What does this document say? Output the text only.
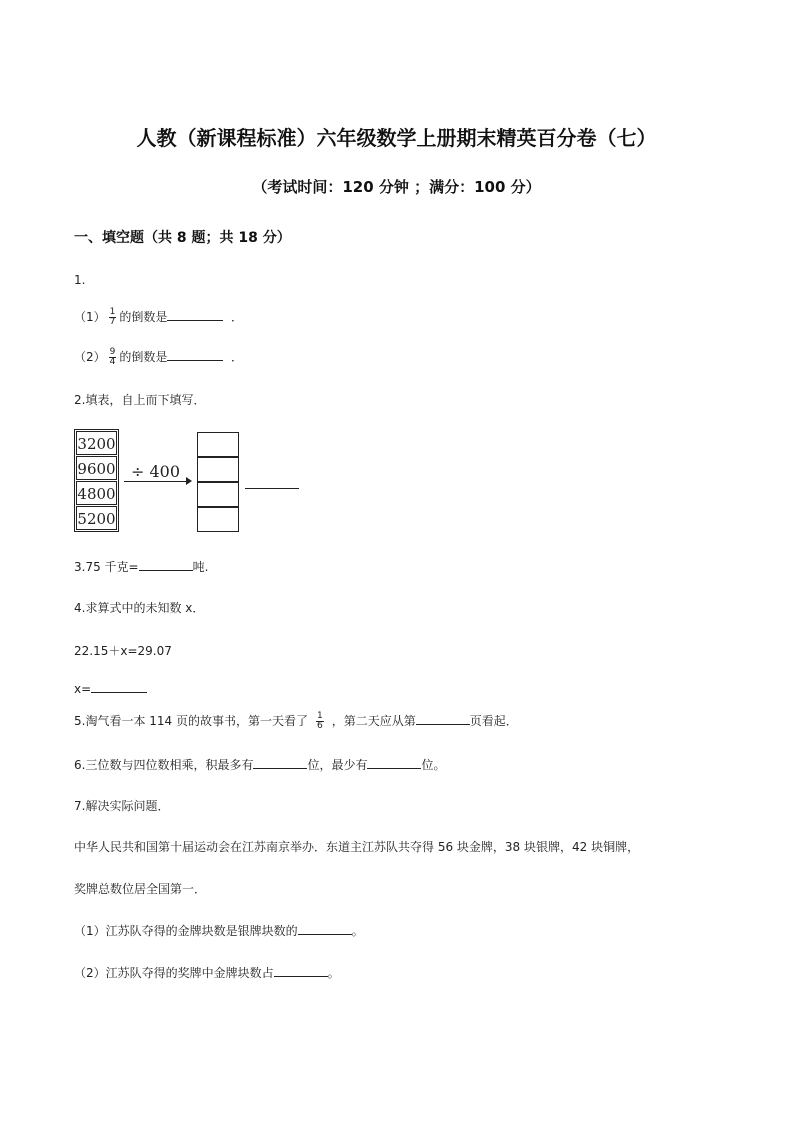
人教（新课程标准）六年级数学上册期末精英百分卷（七）
（考试时间：120 分钟 ；满分：100 分）
一、填空题（共 8 题；共 18 分）
1.
$(1) \frac{1}{7}$ 的倒数是	．
$(2) \frac{9}{4}$ 的倒数是	．
2.填表，自上而下填写．
3200
9600
4800
5200
÷ 400
3.75 千克=	吨.
4.求算式中的未知数 x．
22.15＋x=29.07
x=
5.淘气看一本 114 页的故事书，第一天看了 $\frac{1}{6}$ ，第二天应从第	页看起．
6.三位数与四位数相乘，积最多有	位，最少有	位。
7.解决实际问题．
中华人民共和国第十届运动会在江苏南京举办．东道主江苏队共夺得 56 块金牌，38 块银牌，42 块铜牌，
奖牌总数位居全国第一．
（1）江苏队夺得的金牌块数是银牌块数的	。
（2）江苏队夺得的奖牌中金牌块数占	。
